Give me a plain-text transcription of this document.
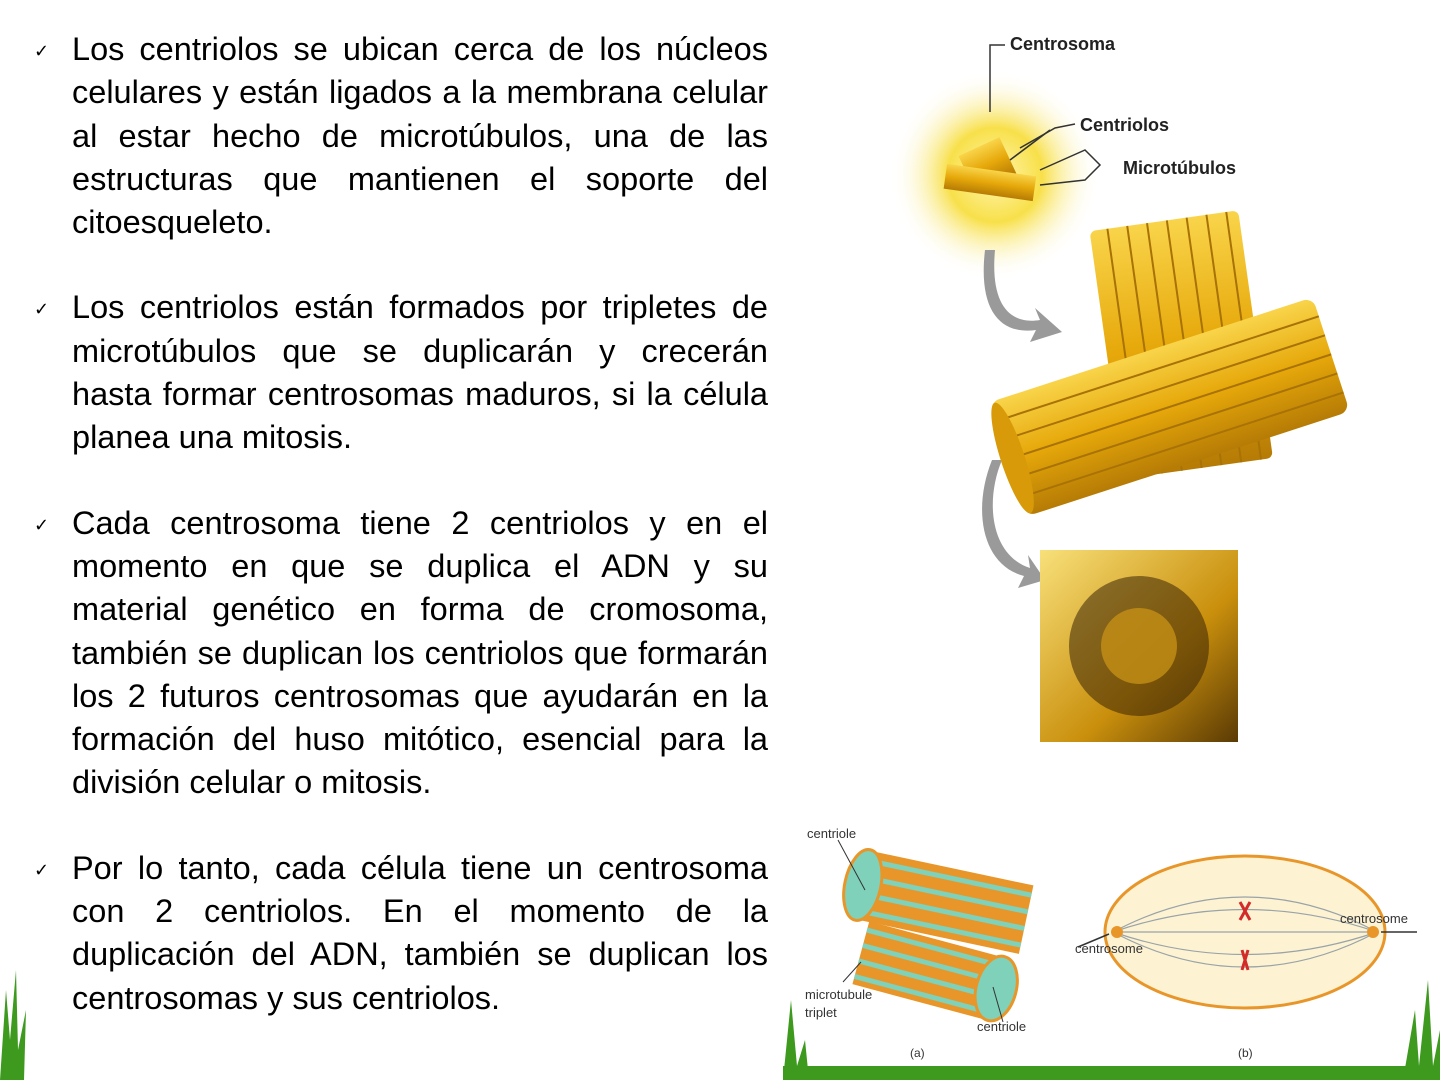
✓ Los centriolos se ubican cerca de los núcleos celulares y están ligados a la membrana celular al estar hecho de microtúbulos, una de las estructuras que mantienen el soporte del citoesqueleto.
✓ Los centriolos están formados por tripletes de microtúbulos que se duplicarán y crecerán hasta formar centrosomas maduros, si la célula planea una mitosis.
✓ Cada centrosoma tiene 2 centriolos y en el momento en que se duplica el ADN y su material genético en forma de cromosoma, también se duplican los centriolos que formarán los 2 futuros centrosomas que ayudarán en la formación del huso mitótico, esencial para la división celular o mitosis.
✓ Por lo tanto, cada célula tiene un centrosoma con 2 centriolos. En el momento de la duplicación del ADN, también se duplican los centrosomas y sus centriolos.
Centrosoma
Centriolos
Microtúbulos
centriole
microtubule
triplet
centriole
(a)
centrosome
centrosome
(b)
